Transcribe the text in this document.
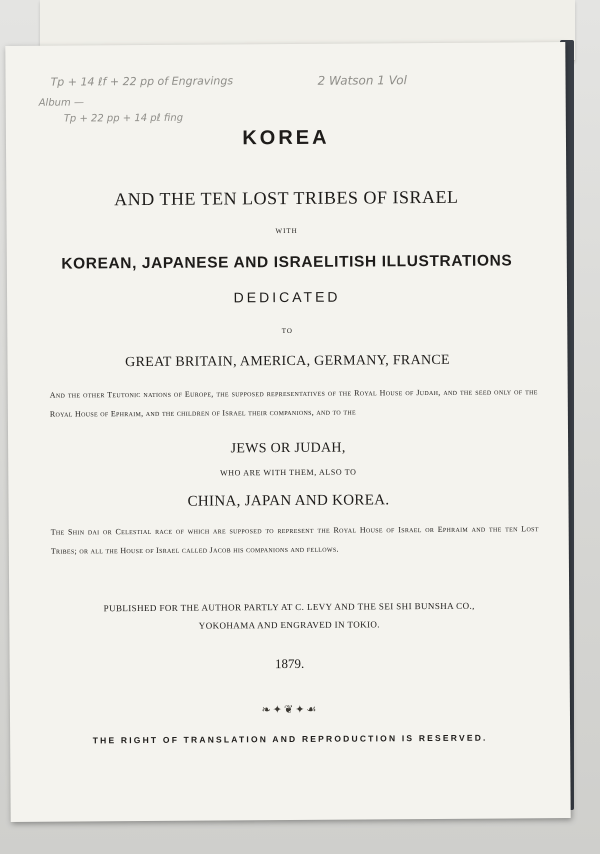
Tp + 14 ℓf + 22 pp of Engravings
Album —
Tp + 22 pp + 14 pℓ fing
2 Watson 1 Vol
KOREA
AND THE TEN LOST TRIBES OF ISRAEL
WITH
KOREAN, JAPANESE AND ISRAELITISH ILLUSTRATIONS
DEDICATED
TO
GREAT BRITAIN, AMERICA, GERMANY, FRANCE
And the other Teutonic nations of Europe, the supposed representatives of the Royal House of Judah, and the seed only of the Royal House of Ephraim, and the children of Israel their companions, and to the
JEWS OR JUDAH,
WHO ARE WITH THEM, ALSO TO
CHINA, JAPAN AND KOREA.
The Shin dai or Celestial race of which are supposed to represent the Royal House of Israel or Ephraim and the ten Lost Tribes; or all the House of Israel called Jacob his companions and fellows.
PUBLISHED FOR THE AUTHOR PARTLY AT C. LEVY AND THE SEI SHI BUNSHA CO.,
YOKOHAMA AND ENGRAVED IN TOKIO.
1879.
❧✦❦✦☙
THE RIGHT OF TRANSLATION AND REPRODUCTION IS RESERVED.
